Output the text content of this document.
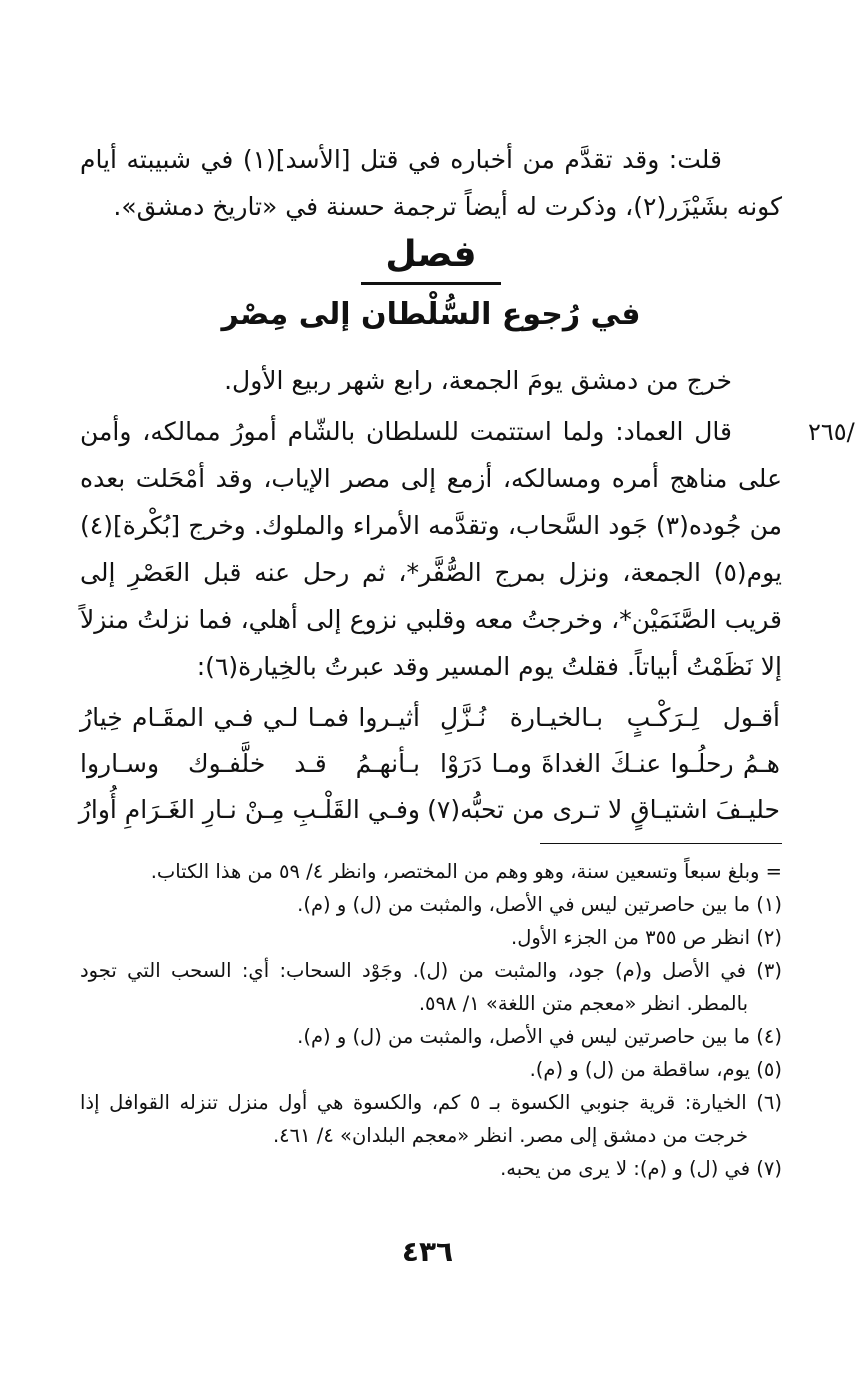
قلت: وقد تقدَّم من أخباره في قتل [الأسد](١) في شبيبته أيام كونه بشَيْزَر(٢)، وذكرت له أيضاً ترجمة حسنة في «تاريخ دمشق».

فصل
في رُجوع السُّلْطان إلى مِصْر
/٢٦٥

خرج من دمشق يومَ الجمعة، رابع شهر ربيع الأول.

قال العماد: ولما استتمت للسلطان بالشّام أمورُ ممالكه، وأمن على مناهج أمره ومسالكه، أزمع إلى مصر الإياب، وقد أمْحَلت بعده من جُوده(٣) جَود السَّحاب، وتقدَّمه الأمراء والملوك. وخرج [بُكْرة](٤) يوم(٥) الجمعة، ونزل بمرج الصُّفَّر*، ثم رحل عنه قبل العَصْرِ إلى قريب الصَّنَمَيْن*، وخرجتُ معه وقلبي نزوع إلى أهلي، فما نزلتُ منزلاً إلا نَظَمْتُ أبياتاً. فقلتُ يوم المسير وقد عبرتُ بالخِيارة(٦):

أقـول لِـرَكْـبٍ بـالخيـارة نُـزَّلِ
أثيـروا فمـا لـي فـي المقَـام خِيارُ
هـمُ رحلُـوا عنـكَ الغداةَ ومـا دَرَوْا
بـأنهـمُ قـد خلَّفـوك وسـاروا
حليـفَ اشتيـاقٍ لا تـرى من تحبُّه(٧)
وفـي القَلْـبِ مِـنْ نـارِ الغَـرَامِ أُوارُ

= وبلغ سبعاً وتسعين سنة، وهو وهم من المختصر، وانظر ٤/ ٥٩ من هذا الكتاب.

(١) ما بين حاصرتين ليس في الأصل، والمثبت من (ل) و (م).

(٢) انظر ص ٣٥٥ من الجزء الأول.

(٣) في الأصل و(م) جود، والمثبت من (ل). وجَوْد السحاب: أي: السحب التي تجود بالمطر. انظر «معجم متن اللغة» ١/ ٥٩٨.

(٤) ما بين حاصرتين ليس في الأصل، والمثبت من (ل) و (م).

(٥) يوم، ساقطة من (ل) و (م).

(٦) الخيارة: قرية جنوبي الكسوة بـ ٥ كم، والكسوة هي أول منزل تنزله القوافل إذا خرجت من دمشق إلى مصر. انظر «معجم البلدان» ٤/ ٤٦١.

(٧) في (ل) و (م): لا يرى من يحبه.

٤٣٦
